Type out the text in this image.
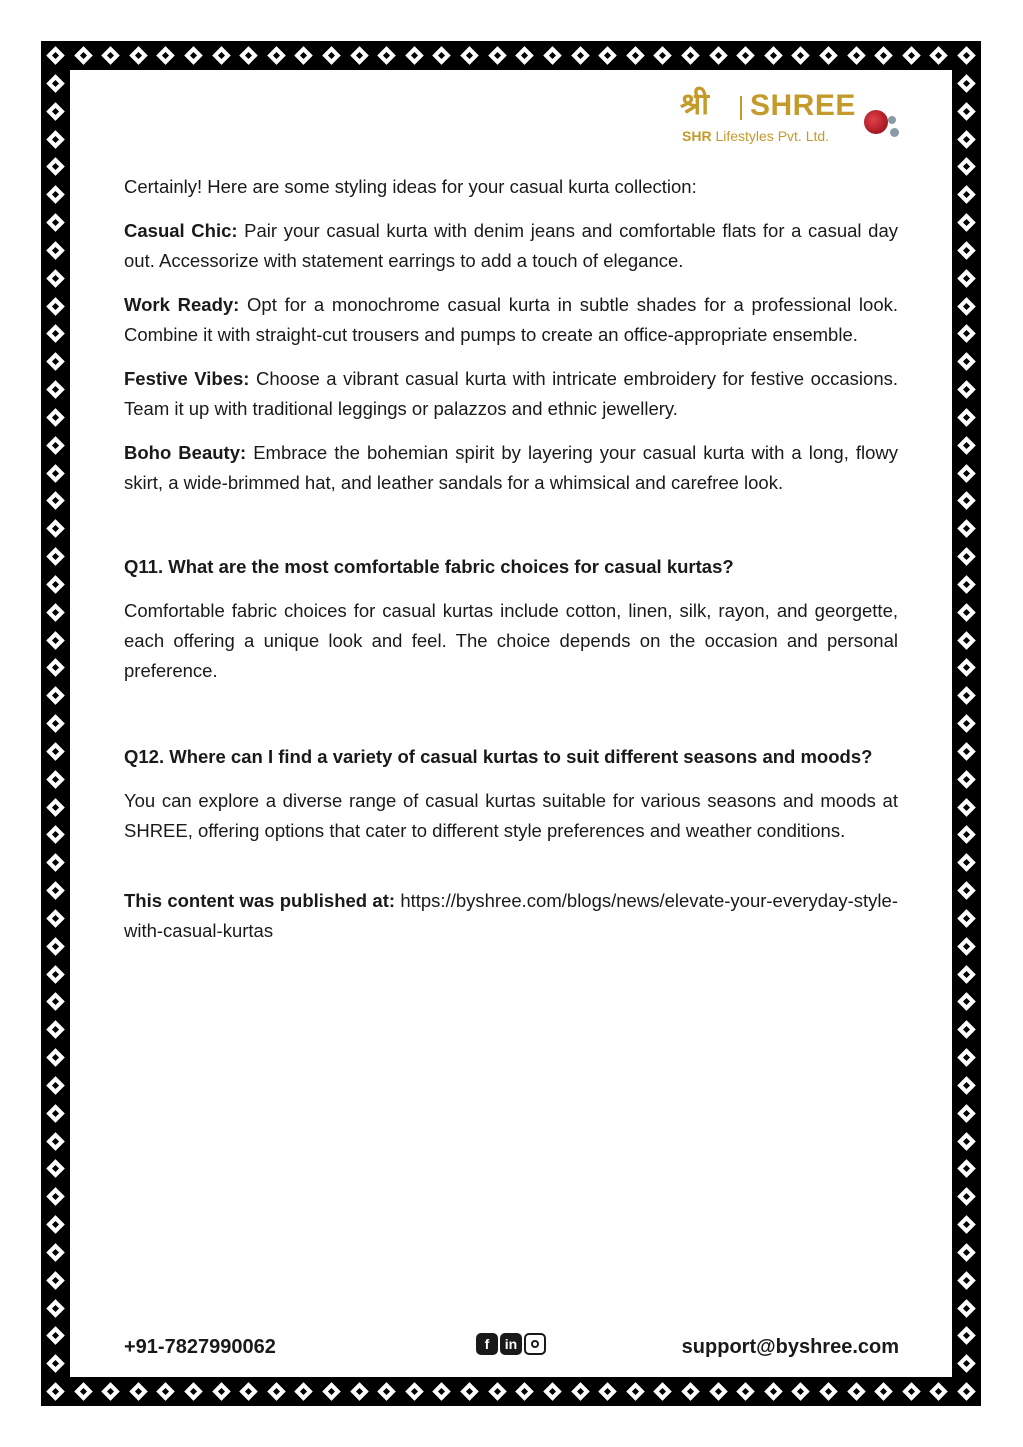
श्री SHREE
SHR Lifestyles Pvt. Ltd.

Certainly! Here are some styling ideas for your casual kurta collection:

Casual Chic: Pair your casual kurta with denim jeans and comfortable flats for a casual day out. Accessorize with statement earrings to add a touch of elegance.

Work Ready: Opt for a monochrome casual kurta in subtle shades for a professional look. Combine it with straight-cut trousers and pumps to create an office-appropriate ensemble.

Festive Vibes: Choose a vibrant casual kurta with intricate embroidery for festive occasions. Team it up with traditional leggings or palazzos and ethnic jewellery.

Boho Beauty: Embrace the bohemian spirit by layering your casual kurta with a long, flowy skirt, a wide-brimmed hat, and leather sandals for a whimsical and carefree look.

Q11. What are the most comfortable fabric choices for casual kurtas?

Comfortable fabric choices for casual kurtas include cotton, linen, silk, rayon, and georgette, each offering a unique look and feel. The choice depends on the occasion and personal preference.

Q12. Where can I find a variety of casual kurtas to suit different seasons and moods?

You can explore a diverse range of casual kurtas suitable for various seasons and moods at SHREE, offering options that cater to different style preferences and weather conditions.

This content was published at: https://byshree.com/blogs/news/elevate-your-everyday-style-with-casual-kurtas

+91-7827990062	f	in	support@byshree.com
